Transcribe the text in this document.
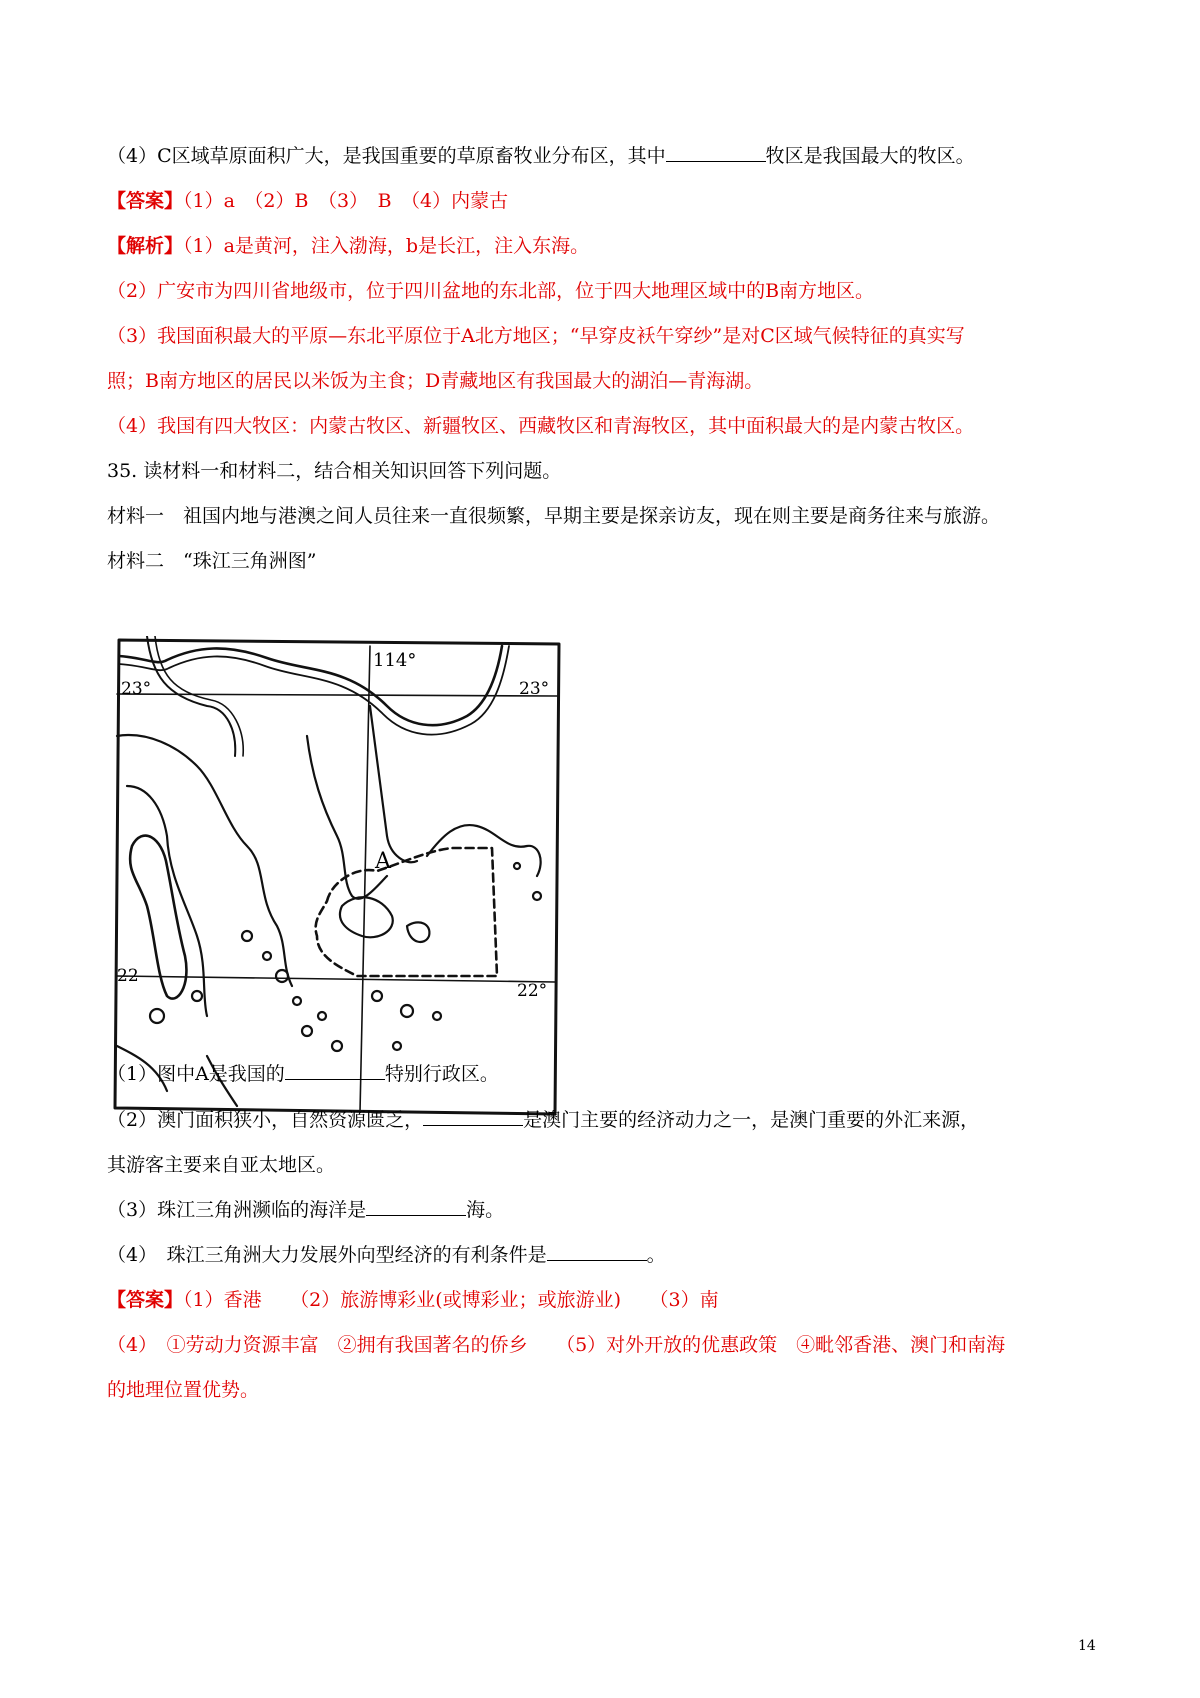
（4）C区域草原面积广大，是我国重要的草原畜牧业分布区，其中	牧区是我国最大的牧区。
【答案】（1）a　（2）B　（3）　B　（4）内蒙古
【解析】（1）a是黄河，注入渤海，b是长江，注入东海。
（2）广安市为四川省地级市，位于四川盆地的东北部，位于四大地理区域中的B南方地区。
（3）我国面积最大的平原—东北平原位于A北方地区；“早穿皮袄午穿纱”是对C区域气候特征的真实写
照；B南方地区的居民以米饭为主食；D青藏地区有我国最大的湖泊—青海湖。
（4）我国有四大牧区：内蒙古牧区、新疆牧区、西藏牧区和青海牧区，其中面积最大的是内蒙古牧区。
35. 读材料一和材料二，结合相关知识回答下列问题。
材料一　祖国内地与港澳之间人员往来一直很频繁，早期主要是探亲访友，现在则主要是商务往来与旅游。
材料二　“珠江三角洲图”
114°
23°	23°
22
22°
A
（1）图中A是我国的	特别行政区。
（2）澳门面积狭小，自然资源匮乏，	是澳门主要的经济动力之一，是澳门重要的外汇来源，
其游客主要来自亚太地区。
（3）珠江三角洲濒临的海洋是	海。
（4）　珠江三角洲大力发展外向型经济的有利条件是	。
【答案】（1）香港　　（2）旅游博彩业(或博彩业；或旅游业)　　（3）南
（4）　①劳动力资源丰富　②拥有我国著名的侨乡　　（5）对外开放的优惠政策　④毗邻香港、澳门和南海
的地理位置优势。
14
